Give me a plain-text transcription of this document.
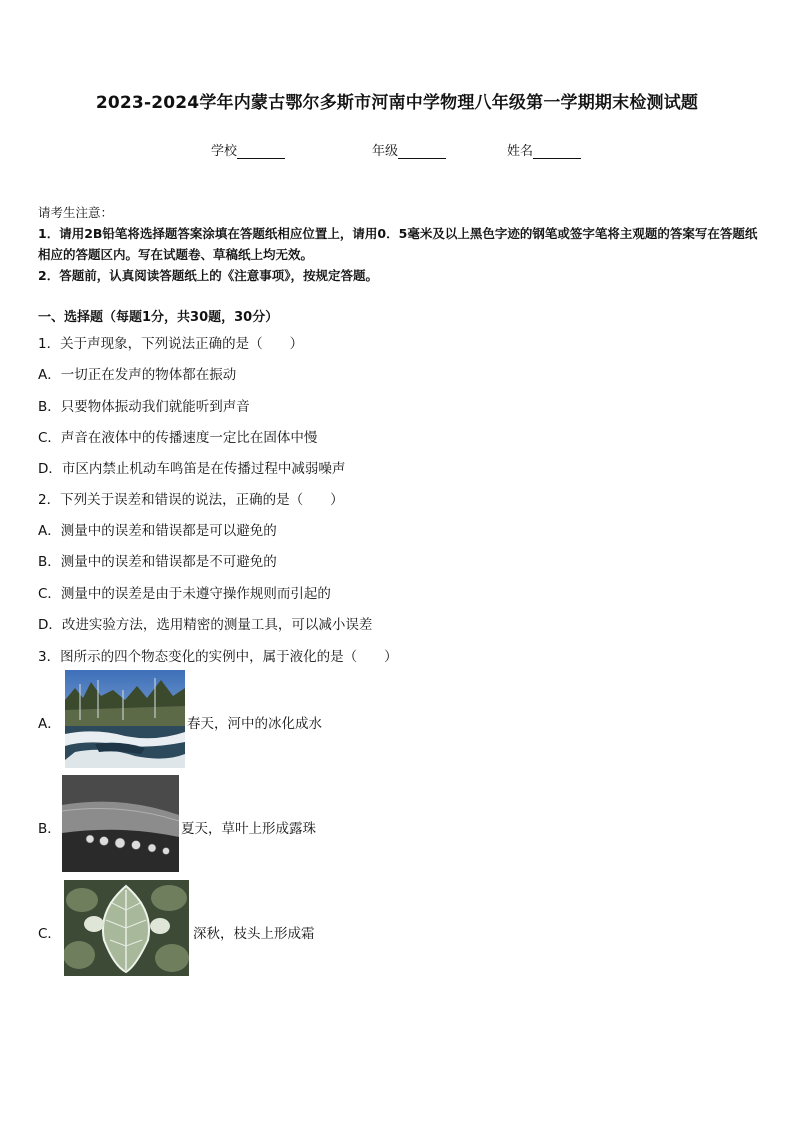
2023-2024学年内蒙古鄂尔多斯市河南中学物理八年级第一学期期末检测试题
学校	年级	姓名
请考生注意：
1．请用2B铅笔将选择题答案涂填在答题纸相应位置上，请用0．5毫米及以上黑色字迹的钢笔或签字笔将主观题的答案写在答题纸相应的答题区内。写在试题卷、草稿纸上均无效。
2．答题前，认真阅读答题纸上的《注意事项》，按规定答题。
一、选择题（每题1分，共30题，30分）
1．关于声现象，下列说法正确的是（　　）
A．一切正在发声的物体都在振动
B．只要物体振动我们就能听到声音
C．声音在液体中的传播速度一定比在固体中慢
D．市区内禁止机动车鸣笛是在传播过程中减弱噪声
2．下列关于误差和错误的说法，正确的是（　　）
A．测量中的误差和错误都是可以避免的
B．测量中的误差和错误都是不可避免的
C．测量中的误差是由于未遵守操作规则而引起的
D．改进实验方法，选用精密的测量工具，可以减小误差
3．图所示的四个物态变化的实例中，属于液化的是（　　）
A．	春天，河中的冰化成水
B．	夏天，草叶上形成露珠
C．	深秋，枝头上形成霜
